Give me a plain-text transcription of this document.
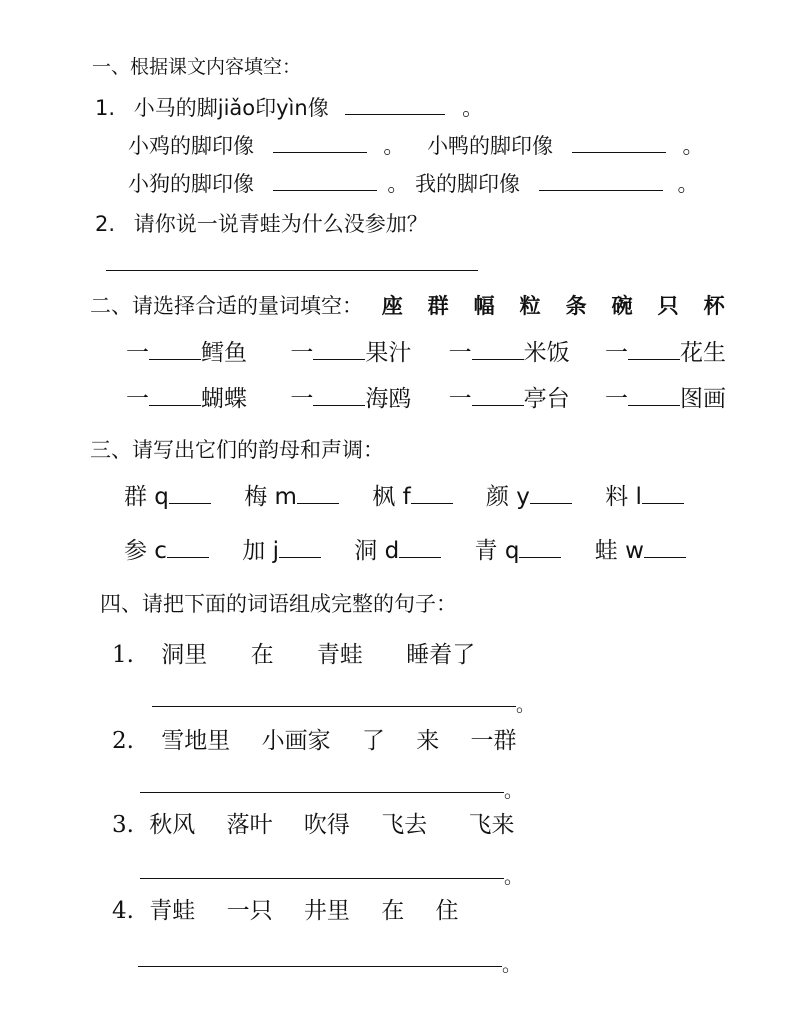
一、根据课文内容填空：
1. 小马的脚jiǎo印yìn像	。
小鸡的脚印像	。 小鸭的脚印像	。
小狗的脚印像	。 我的脚印像	。
2. 请你说一说青蛙为什么没参加？
二、请选择合适的量词填空： 座　群　幅　粒　条　碗　只　杯
一 鳕鱼 一 果汁 一 米饭 一 花生
一 蝴蝶 一 海鸥 一 亭台 一 图画
三、请写出它们的韵母和声调：
群 q	梅 m	枫 f	颜 y	料 l
参 c	加 j	洞 d	青 q	蛙 w
四、请把下面的词语组成完整的句子：
1. 洞里 在 青蛙 睡着了
。
2. 雪地里 小画家 了 来 一群
。
3. 秋风 落叶 吹得 飞去 飞来
。
4. 青蛙 一只 井里 在 住
。
